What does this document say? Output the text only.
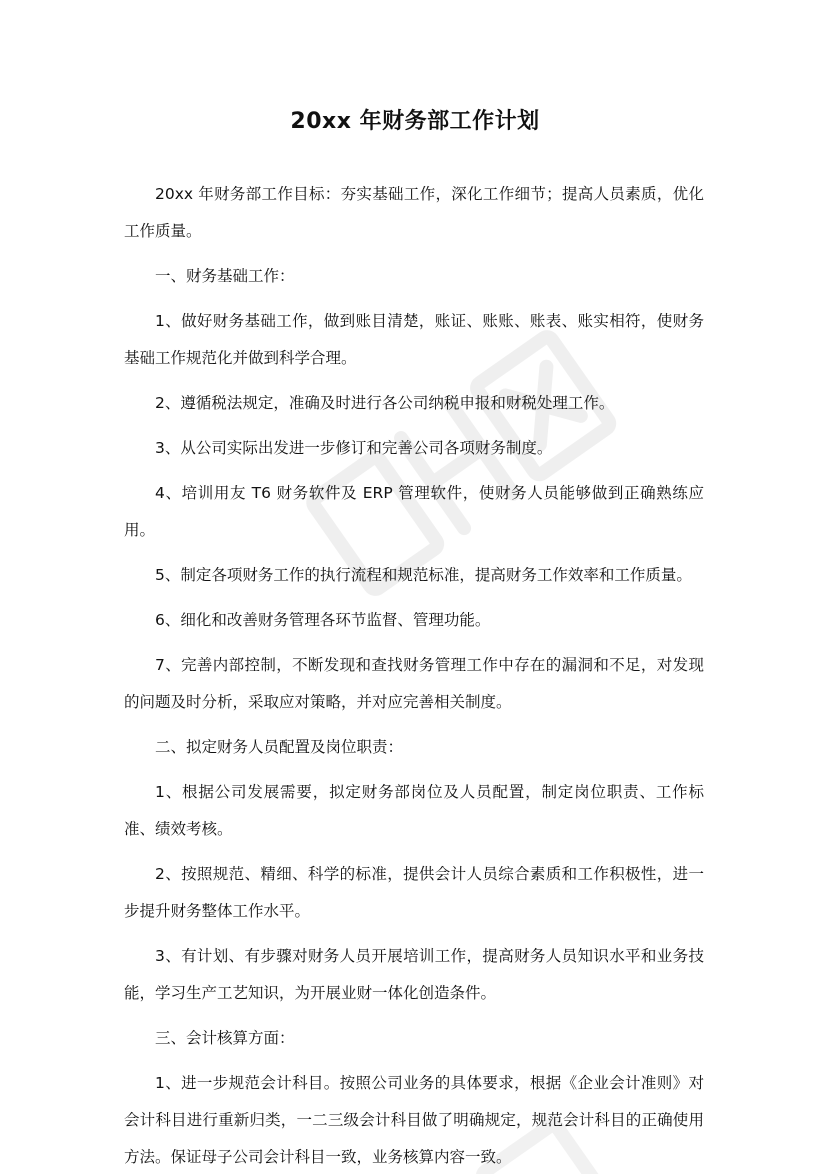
20xx 年财务部工作计划

20xx 年财务部工作目标：夯实基础工作，深化工作细节；提高人员素质，优化工作质量。

一、财务基础工作：

1、做好财务基础工作，做到账目清楚，账证、账账、账表、账实相符，使财务基础工作规范化并做到科学合理。

2、遵循税法规定，准确及时进行各公司纳税申报和财税处理工作。

3、从公司实际出发进一步修订和完善公司各项财务制度。

4、培训用友 T6 财务软件及 ERP 管理软件，使财务人员能够做到正确熟练应用。

5、制定各项财务工作的执行流程和规范标准，提高财务工作效率和工作质量。

6、细化和改善财务管理各环节监督、管理功能。

7、完善内部控制，不断发现和查找财务管理工作中存在的漏洞和不足，对发现的问题及时分析，采取应对策略，并对应完善相关制度。

二、拟定财务人员配置及岗位职责：

1、根据公司发展需要，拟定财务部岗位及人员配置，制定岗位职责、工作标准、绩效考核。

2、按照规范、精细、科学的标准，提供会计人员综合素质和工作积极性，进一步提升财务整体工作水平。

3、有计划、有步骤对财务人员开展培训工作，提高财务人员知识水平和业务技能，学习生产工艺知识，为开展业财一体化创造条件。

三、会计核算方面：

1、进一步规范会计科目。按照公司业务的具体要求，根据《企业会计准则》对会计科目进行重新归类，一二三级会计科目做了明确规定，规范会计科目的正确使用方法。保证母子公司会计科目一致，业务核算内容一致。
